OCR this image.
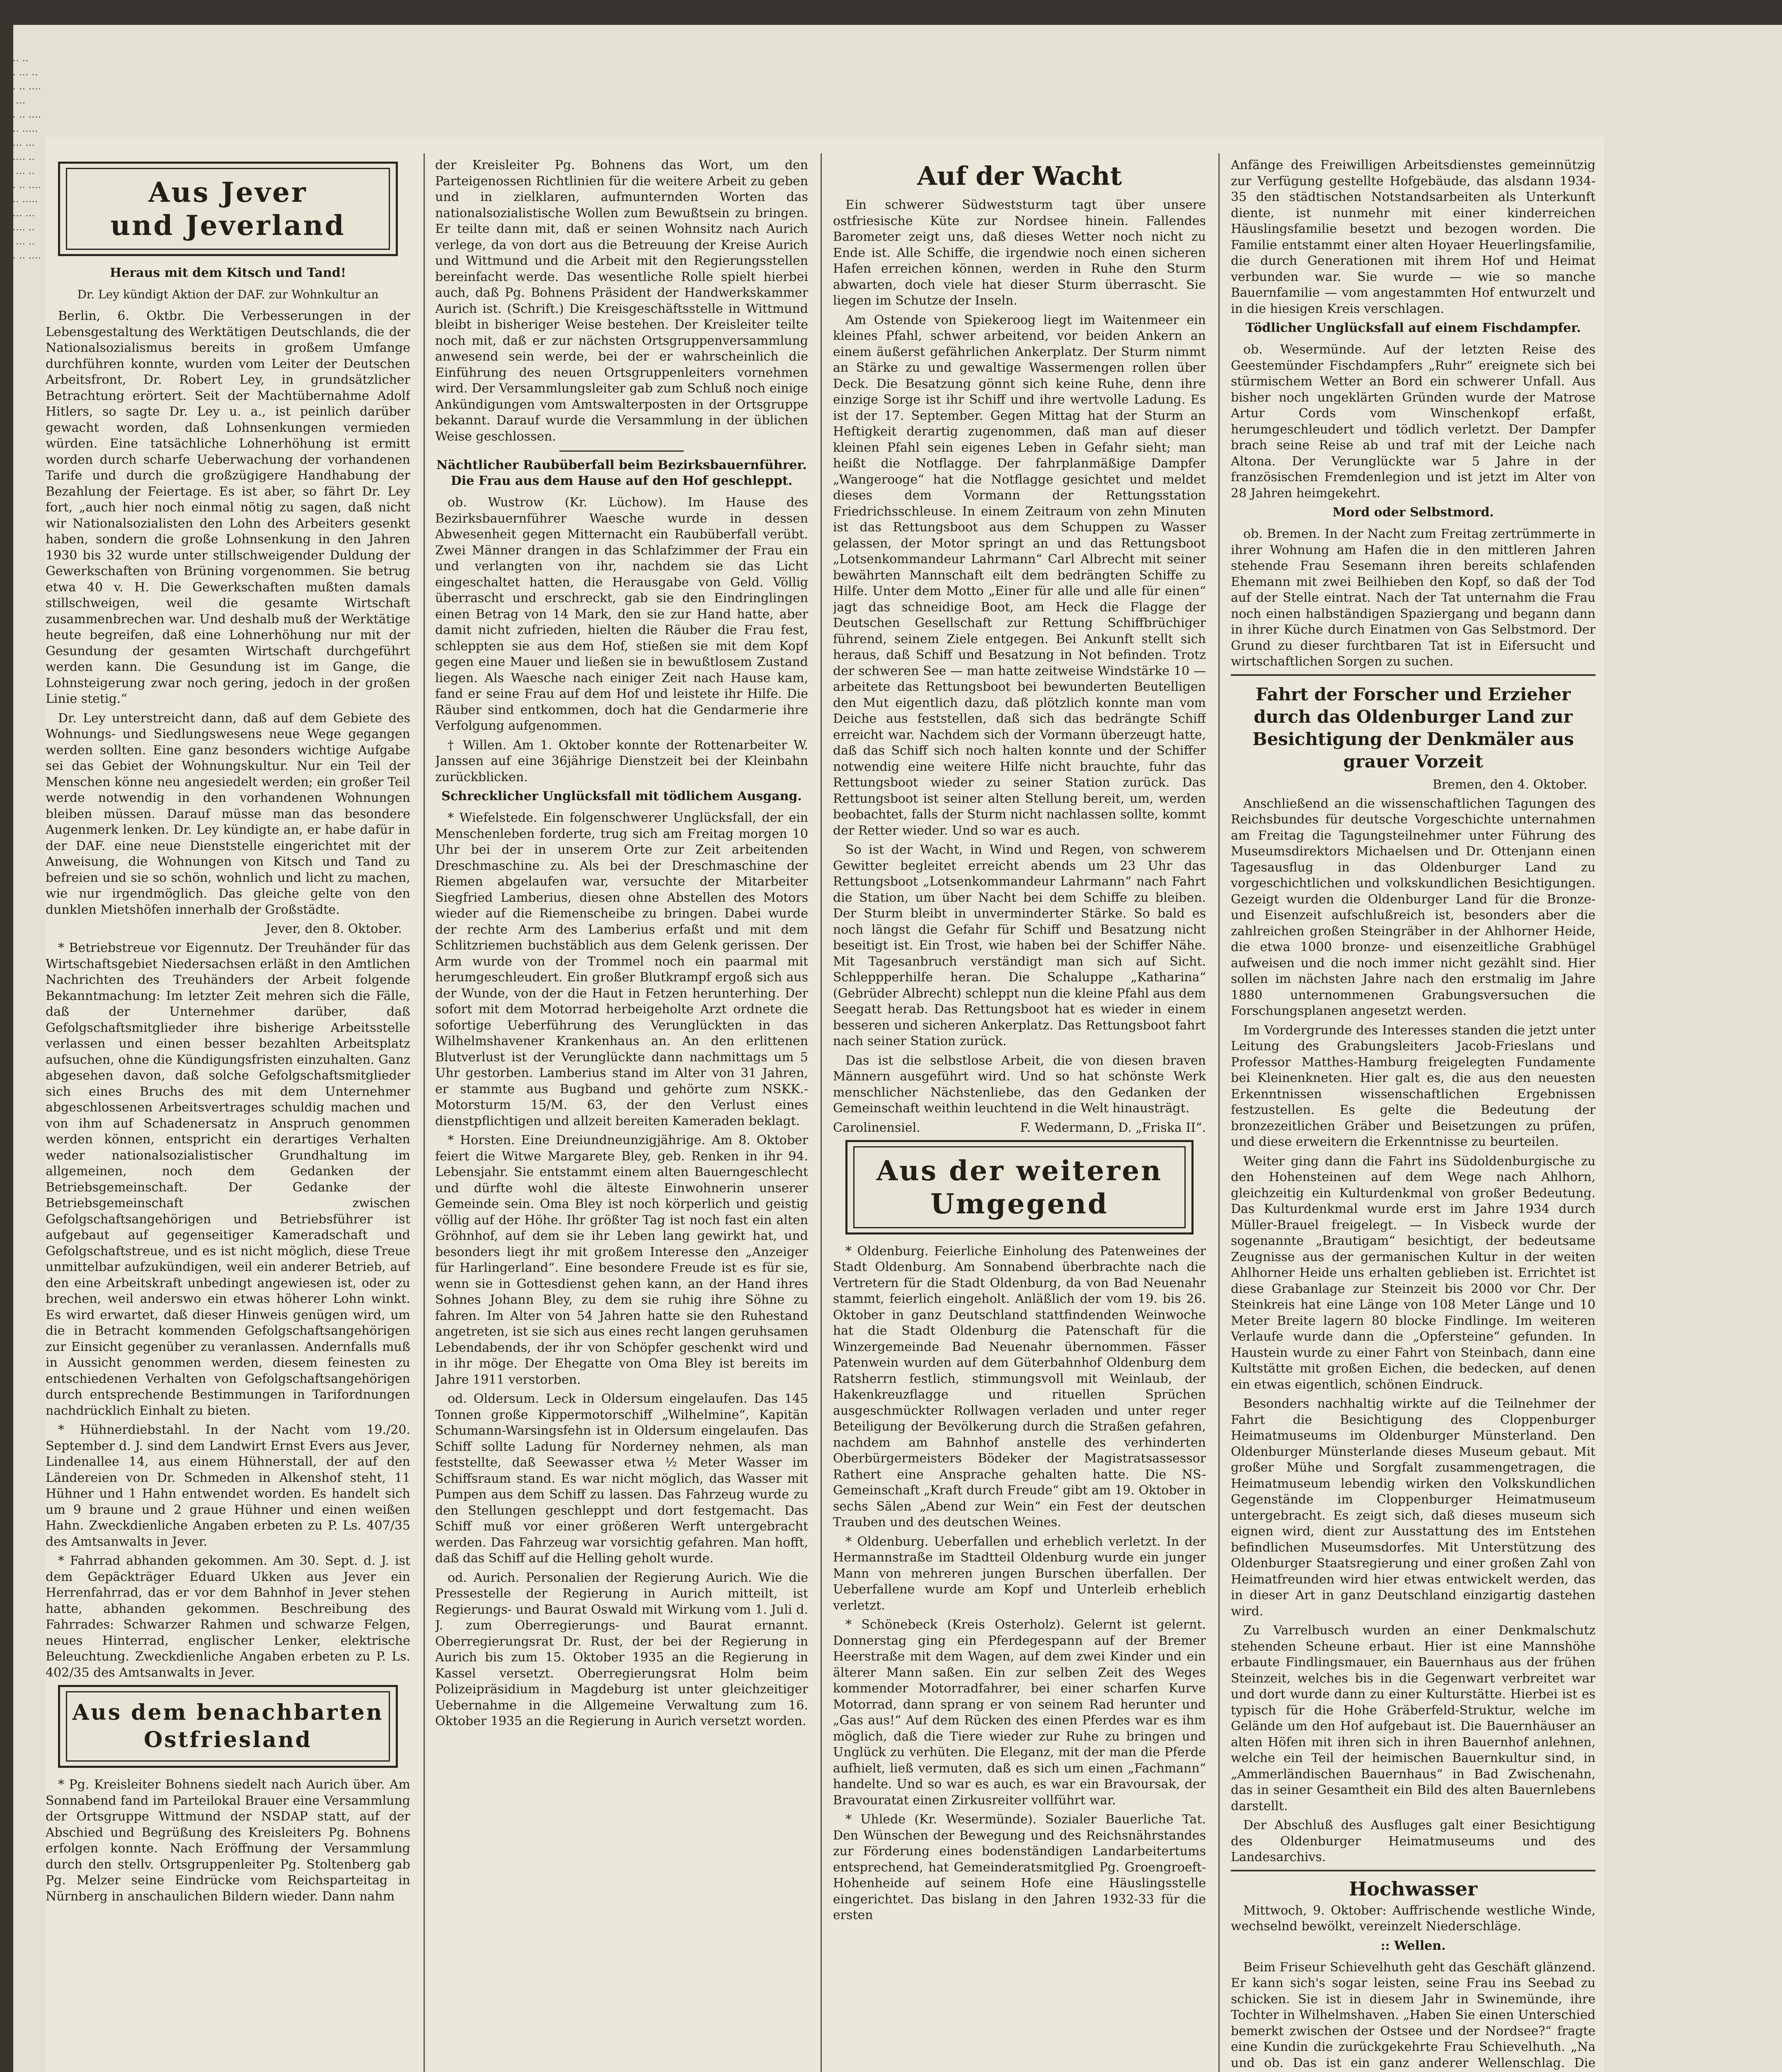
······ ·· ····· ··· ·· ····· ·· ···· ···· ··· ····· ·· ···· ··· ·· ····· ·· ···· ··· ·· ····· ·· ···· ··· ·· ····· ·· ···· ··· ·· ····· ·· ···· ··· ·· ····· ·· ···· ··· ·· ····· ·· ···· ···
Aus Jever
und Jeverland
Heraus mit dem Kitsch und Tand!
Dr. Ley kündigt Aktion der DAF. zur Wohnkultur an

Berlin, 6. Oktbr. Die Verbesserungen in der Lebensgestaltung des Werktätigen Deutschlands, die der Nationalsozialismus bereits in großem Umfange durchführen konnte, wurden vom Leiter der Deutschen Arbeitsfront, Dr. Robert Ley, in grundsätzlicher Betrachtung erörtert. Seit der Machtübernahme Adolf Hitlers, so sagte Dr. Ley u. a., ist peinlich darüber gewacht worden, daß Lohnsenkungen vermieden würden. Eine tatsächliche Lohnerhöhung ist ermitt worden durch scharfe Ueberwachung der vorhandenen Tarife und durch die großzügigere Handhabung der Bezahlung der Feiertage. Es ist aber, so fährt Dr. Ley fort, „auch hier noch einmal nötig zu sagen, daß nicht wir Nationalsozialisten den Lohn des Arbeiters gesenkt haben, sondern die große Lohnsenkung in den Jahren 1930 bis 32 wurde unter stillschweigender Duldung der Gewerkschaften von Brüning vorgenommen. Sie betrug etwa 40 v. H. Die Gewerkschaften mußten damals stillschweigen, weil die gesamte Wirtschaft zusammenbrechen war. Und deshalb muß der Werktätige heute begreifen, daß eine Lohnerhöhung nur mit der Gesundung der gesamten Wirtschaft durchgeführt werden kann. Die Gesundung ist im Gange, die Lohnsteigerung zwar noch gering, jedoch in der großen Linie stetig.“

Dr. Ley unterstreicht dann, daß auf dem Gebiete des Wohnungs- und Siedlungswesens neue Wege gegangen werden sollten. Eine ganz besonders wichtige Aufgabe sei das Gebiet der Wohnungskultur. Nur ein Teil der Menschen könne neu angesiedelt werden; ein großer Teil werde notwendig in den vorhandenen Wohnungen bleiben müssen. Darauf müsse man das besondere Augenmerk lenken. Dr. Ley kündigte an, er habe dafür in der DAF. eine neue Dienststelle eingerichtet mit der Anweisung, die Wohnungen von Kitsch und Tand zu befreien und sie so schön, wohnlich und licht zu machen, wie nur irgendmöglich. Das gleiche gelte von den dunklen Mietshöfen innerhalb der Großstädte.

Jever, den 8. Oktober.

* Betriebstreue vor Eigennutz. Der Treuhänder für das Wirtschaftsgebiet Niedersachsen erläßt in den Amtlichen Nachrichten des Treuhänders der Arbeit folgende Bekanntmachung: Im letzter Zeit mehren sich die Fälle, daß der Unternehmer darüber, daß Gefolgschaftsmitglieder ihre bisherige Arbeitsstelle verlassen und einen besser bezahlten Arbeitsplatz aufsuchen, ohne die Kündigungsfristen einzuhalten. Ganz abgesehen davon, daß solche Gefolgschaftsmitglieder sich eines Bruchs des mit dem Unternehmer abgeschlossenen Arbeitsvertrages schuldig machen und von ihm auf Schadenersatz in Anspruch genommen werden können, entspricht ein derartiges Verhalten weder nationalsozialistischer Grundhaltung im allgemeinen, noch dem Gedanken der Betriebsgemeinschaft. Der Gedanke der Betriebsgemeinschaft zwischen Gefolgschaftsangehörigen und Betriebsführer ist aufgebaut auf gegenseitiger Kameradschaft und Gefolgschaftstreue, und es ist nicht möglich, diese Treue unmittelbar aufzukündigen, weil ein anderer Betrieb, auf den eine Arbeitskraft unbedingt angewiesen ist, oder zu brechen, weil anderswo ein etwas höherer Lohn winkt. Es wird erwartet, daß dieser Hinweis genügen wird, um die in Betracht kommenden Gefolgschaftsangehörigen zur Einsicht gegenüber zu veranlassen. Andernfalls muß in Aussicht genommen werden, diesem feinesten zu entschiedenen Verhalten von Gefolgschaftsangehörigen durch entsprechende Bestimmungen in Tarifordnungen nachdrücklich Einhalt zu bieten.

* Hühnerdiebstahl. In der Nacht vom 19./20. September d. J. sind dem Landwirt Ernst Evers aus Jever, Lindenallee 14, aus einem Hühnerstall, der auf den Ländereien von Dr. Schmeden in Alkenshof steht, 11 Hühner und 1 Hahn entwendet worden. Es handelt sich um 9 braune und 2 graue Hühner und einen weißen Hahn. Zweckdienliche Angaben erbeten zu P. Ls. 407/35 des Amtsanwalts in Jever.

* Fahrrad abhanden gekommen. Am 30. Sept. d. J. ist dem Gepäckträger Eduard Ukken aus Jever ein Herrenfahrrad, das er vor dem Bahnhof in Jever stehen hatte, abhanden gekommen. Beschreibung des Fahrrades: Schwarzer Rahmen und schwarze Felgen, neues Hinterrad, englischer Lenker, elektrische Beleuchtung. Zweckdienliche Angaben erbeten zu P. Ls. 402/35 des Amtsanwalts in Jever.

Aus dem benachbarten
Ostfriesland

* Pg. Kreisleiter Bohnens siedelt nach Aurich über. Am Sonnabend fand im Parteilokal Brauer eine Versammlung der Ortsgruppe Wittmund der NSDAP statt, auf der Abschied und Begrüßung des Kreisleiters Pg. Bohnens erfolgen konnte. Nach Eröffnung der Versammlung durch den stellv. Ortsgruppenleiter Pg. Stoltenberg gab Pg. Melzer seine Eindrücke vom Reichsparteitag in Nürnberg in anschaulichen Bildern wieder. Dann nahm

der Kreisleiter Pg. Bohnens das Wort, um den Parteigenossen Richtlinien für die weitere Arbeit zu geben und in zielklaren, aufmunternden Worten das nationalsozialistische Wollen zum Bewußtsein zu bringen. Er teilte dann mit, daß er seinen Wohnsitz nach Aurich verlege, da von dort aus die Betreuung der Kreise Aurich und Wittmund und die Arbeit mit den Regierungsstellen bereinfacht werde. Das wesentliche Rolle spielt hierbei auch, daß Pg. Bohnens Präsident der Handwerkskammer Aurich ist. (Schrift.) Die Kreisgeschäftsstelle in Wittmund bleibt in bisheriger Weise bestehen. Der Kreisleiter teilte noch mit, daß er zur nächsten Ortsgruppenversammlung anwesend sein werde, bei der er wahrscheinlich die Einführung des neuen Ortsgruppenleiters vornehmen wird. Der Versammlungsleiter gab zum Schluß noch einige Ankündigungen vom Amtswalterposten in der Ortsgruppe bekannt. Darauf wurde die Versammlung in der üblichen Weise geschlossen.

Nächtlicher Raubüberfall beim Bezirksbauernführer. Die Frau aus dem Hause auf den Hof geschleppt.

ob. Wustrow (Kr. Lüchow). Im Hause des Bezirksbauernführer Waesche wurde in dessen Abwesenheit gegen Mitternacht ein Raubüberfall verübt. Zwei Männer drangen in das Schlafzimmer der Frau ein und verlangten von ihr, nachdem sie das Licht eingeschaltet hatten, die Herausgabe von Geld. Völlig überrascht und erschreckt, gab sie den Eindringlingen einen Betrag von 14 Mark, den sie zur Hand hatte, aber damit nicht zufrieden, hielten die Räuber die Frau fest, schleppten sie aus dem Hof, stießen sie mit dem Kopf gegen eine Mauer und ließen sie in bewußtlosem Zustand liegen. Als Waesche nach einiger Zeit nach Hause kam, fand er seine Frau auf dem Hof und leistete ihr Hilfe. Die Räuber sind entkommen, doch hat die Gendarmerie ihre Verfolgung aufgenommen.

† Willen. Am 1. Oktober konnte der Rottenarbeiter W. Janssen auf eine 36jährige Dienstzeit bei der Kleinbahn zurückblicken.

Schrecklicher Unglücksfall mit tödlichem Ausgang.

* Wiefelstede. Ein folgenschwerer Unglücksfall, der ein Menschenleben forderte, trug sich am Freitag morgen 10 Uhr bei der in unserem Orte zur Zeit arbeitenden Dreschmaschine zu. Als bei der Dreschmaschine der Riemen abgelaufen war, versuchte der Mitarbeiter Siegfried Lamberius, diesen ohne Abstellen des Motors wieder auf die Riemenscheibe zu bringen. Dabei wurde der rechte Arm des Lamberius erfaßt und mit dem Schlitzriemen buchstäblich aus dem Gelenk gerissen. Der Arm wurde von der Trommel noch ein paarmal mit herumgeschleudert. Ein großer Blutkrampf ergoß sich aus der Wunde, von der die Haut in Fetzen herunterhing. Der sofort mit dem Motorrad herbeigeholte Arzt ordnete die sofortige Ueberführung des Verunglückten in das Wilhelmshavener Krankenhaus an. An den erlittenen Blutverlust ist der Verunglückte dann nachmittags um 5 Uhr gestorben. Lamberius stand im Alter von 31 Jahren, er stammte aus Bugband und gehörte zum NSKK.-Motorsturm 15/M. 63, der den Verlust eines dienstpflichtigen und allzeit bereiten Kameraden beklagt.

* Horsten. Eine Dreiundneunzigjährige. Am 8. Oktober feiert die Witwe Margarete Bley, geb. Renken in ihr 94. Lebensjahr. Sie entstammt einem alten Bauerngeschlecht und dürfte wohl die älteste Einwohnerin unserer Gemeinde sein. Oma Bley ist noch körperlich und geistig völlig auf der Höhe. Ihr größter Tag ist noch fast ein alten Gröhnhof, auf dem sie ihr Leben lang gewirkt hat, und besonders liegt ihr mit großem Interesse den „Anzeiger für Harlingerland“. Eine besondere Freude ist es für sie, wenn sie in Gottesdienst gehen kann, an der Hand ihres Sohnes Johann Bley, zu dem sie ruhig ihre Söhne zu fahren. Im Alter von 54 Jahren hatte sie den Ruhestand angetreten, ist sie sich aus eines recht langen geruhsamen Lebendabends, der ihr von Schöpfer geschenkt wird und in ihr möge. Der Ehegatte von Oma Bley ist bereits im Jahre 1911 verstorben.

od. Oldersum. Leck in Oldersum eingelaufen. Das 145 Tonnen große Kippermotorschiff „Wilhelmine“, Kapitän Schumann-Warsingsfehn ist in Oldersum eingelaufen. Das Schiff sollte Ladung für Norderney nehmen, als man feststellte, daß Seewasser etwa ½ Meter Wasser im Schiffsraum stand. Es war nicht möglich, das Wasser mit Pumpen aus dem Schiff zu lassen. Das Fahrzeug wurde zu den Stellungen geschleppt und dort festgemacht. Das Schiff muß vor einer größeren Werft untergebracht werden. Das Fahrzeug war vorsichtig gefahren. Man hofft, daß das Schiff auf die Helling geholt wurde.

od. Aurich. Personalien der Regierung Aurich. Wie die Pressestelle der Regierung in Aurich mitteilt, ist Regierungs- und Baurat Oswald mit Wirkung vom 1. Juli d. J. zum Oberregierungs- und Baurat ernannt. Oberregierungsrat Dr. Rust, der bei der Regierung in Aurich bis zum 15. Oktober 1935 an die Regierung in Kassel versetzt. Oberregierungsrat Holm beim Polizeipräsidium in Magdeburg ist unter gleichzeitiger Uebernahme in die Allgemeine Verwaltung zum 16. Oktober 1935 an die Regierung in Aurich versetzt worden.

Auf der Wacht

Ein schwerer Südweststurm tagt über unsere ostfriesische Küte zur Nordsee hinein. Fallendes Barometer zeigt uns, daß dieses Wetter noch nicht zu Ende ist. Alle Schiffe, die irgendwie noch einen sicheren Hafen erreichen können, werden in Ruhe den Sturm abwarten, doch viele hat dieser Sturm überrascht. Sie liegen im Schutze der Inseln.

Am Ostende von Spiekeroog liegt im Waitenmeer ein kleines Pfahl, schwer arbeitend, vor beiden Ankern an einem äußerst gefährlichen Ankerplatz. Der Sturm nimmt an Stärke zu und gewaltige Wassermengen rollen über Deck. Die Besatzung gönnt sich keine Ruhe, denn ihre einzige Sorge ist ihr Schiff und ihre wertvolle Ladung. Es ist der 17. September. Gegen Mittag hat der Sturm an Heftigkeit derartig zugenommen, daß man auf dieser kleinen Pfahl sein eigenes Leben in Gefahr sieht; man heißt die Notflagge. Der fahrplanmäßige Dampfer „Wangerooge“ hat die Notflagge gesichtet und meldet dieses dem Vormann der Rettungsstation Friedrichsschleuse. In einem Zeitraum von zehn Minuten ist das Rettungsboot aus dem Schuppen zu Wasser gelassen, der Motor springt an und das Rettungsboot „Lotsenkommandeur Lahrmann“ Carl Albrecht mit seiner bewährten Mannschaft eilt dem bedrängten Schiffe zu Hilfe. Unter dem Motto „Einer für alle und alle für einen“ jagt das schneidige Boot, am Heck die Flagge der Deutschen Gesellschaft zur Rettung Schiffbrüchiger führend, seinem Ziele entgegen. Bei Ankunft stellt sich heraus, daß Schiff und Besatzung in Not befinden. Trotz der schweren See — man hatte zeitweise Windstärke 10 — arbeitete das Rettungsboot bei bewunderten Beutelligen den Mut eigentlich dazu, daß plötzlich konnte man vom Deiche aus feststellen, daß sich das bedrängte Schiff erreicht war. Nachdem sich der Vormann überzeugt hatte, daß das Schiff sich noch halten konnte und der Schiffer notwendig eine weitere Hilfe nicht brauchte, fuhr das Rettungsboot wieder zu seiner Station zurück. Das Rettungsboot ist seiner alten Stellung bereit, um, werden beobachtet, falls der Sturm nicht nachlassen sollte, kommt der Retter wieder. Und so war es auch.

So ist der Wacht, in Wind und Regen, von schwerem Gewitter begleitet erreicht abends um 23 Uhr das Rettungsboot „Lotsenkommandeur Lahrmann“ nach Fahrt die Station, um über Nacht bei dem Schiffe zu bleiben. Der Sturm bleibt in unverminderter Stärke. So bald es noch längst die Gefahr für Schiff und Besatzung nicht beseitigt ist. Ein Trost, wie haben bei der Schiffer Nähe. Mit Tagesanbruch verständigt man sich auf Sicht. Schleppperhilfe heran. Die Schaluppe „Katharina“ (Gebrüder Albrecht) schleppt nun die kleine Pfahl aus dem Seegatt herab. Das Rettungsboot hat es wieder in einem besseren und sicheren Ankerplatz. Das Rettungsboot fahrt nach seiner Station zurück.

Das ist die selbstlose Arbeit, die von diesen braven Männern ausgeführt wird. Und so hat schönste Werk menschlicher Nächstenliebe, das den Gedanken der Gemeinschaft weithin leuchtend in die Welt hinausträgt.

Carolinensiel.	F. Wedermann, D. „Friska II“.
Aus der weiteren
Umgegend

* Oldenburg. Feierliche Einholung des Patenweines der Stadt Oldenburg. Am Sonnabend überbrachte nach die Vertretern für die Stadt Oldenburg, da von Bad Neuenahr stammt, feierlich eingeholt. Anläßlich der vom 19. bis 26. Oktober in ganz Deutschland stattfindenden Weinwoche hat die Stadt Oldenburg die Patenschaft für die Winzergemeinde Bad Neuenahr übernommen. Fässer Patenwein wurden auf dem Güterbahnhof Oldenburg dem Ratsherrn festlich, stimmungsvoll mit Weinlaub, der Hakenkreuzflagge und rituellen Sprüchen ausgeschmückter Rollwagen verladen und unter reger Beteiligung der Bevölkerung durch die Straßen gefahren, nachdem am Bahnhof anstelle des verhinderten Oberbürgermeisters Bödeker der Magistratsassessor Rathert eine Ansprache gehalten hatte. Die NS-Gemeinschaft „Kraft durch Freude“ gibt am 19. Oktober in sechs Sälen „Abend zur Wein“ ein Fest der deutschen Trauben und des deutschen Weines.

* Oldenburg. Ueberfallen und erheblich verletzt. In der Hermannstraße im Stadtteil Oldenburg wurde ein junger Mann von mehreren jungen Burschen überfallen. Der Ueberfallene wurde am Kopf und Unterleib erheblich verletzt.

* Schönebeck (Kreis Osterholz). Gelernt ist gelernt. Donnerstag ging ein Pferdegespann auf der Bremer Heerstraße mit dem Wagen, auf dem zwei Kinder und ein älterer Mann saßen. Ein zur selben Zeit des Weges kommender Motorradfahrer, bei einer scharfen Kurve Motorrad, dann sprang er von seinem Rad herunter und „Gas aus!“ Auf dem Rücken des einen Pferdes war es ihm möglich, daß die Tiere wieder zur Ruhe zu bringen und Unglück zu verhüten. Die Eleganz, mit der man die Pferde aufhielt, ließ vermuten, daß es sich um einen „Fachmann“ handelte. Und so war es auch, es war ein Bravoursak, der Bravouratat einen Zirkusreiter vollführt war.

* Uhlede (Kr. Wesermünde). Sozialer Bauerliche Tat. Den Wünschen der Bewegung und des Reichsnährstandes zur Förderung eines bodenständigen Landarbeitertums entsprechend, hat Gemeinderatsmitglied Pg. Groengroeft-Hohenheide auf seinem Hofe eine Häuslingsstelle eingerichtet. Das bislang in den Jahren 1932-33 für die ersten

Anfänge des Freiwilligen Arbeitsdienstes gemeinnützig zur Verfügung gestellte Hofgebäude, das alsdann 1934-35 den städtischen Notstandsarbeiten als Unterkunft diente, ist nunmehr mit einer kinderreichen Häuslingsfamilie besetzt und bezogen worden. Die Familie entstammt einer alten Hoyaer Heuerlingsfamilie, die durch Generationen mit ihrem Hof und Heimat verbunden war. Sie wurde — wie so manche Bauernfamilie — vom angestammten Hof entwurzelt und in die hiesigen Kreis verschlagen.

Tödlicher Unglücksfall auf einem Fischdampfer.

ob. Wesermünde. Auf der letzten Reise des Geestemünder Fischdampfers „Ruhr“ ereignete sich bei stürmischem Wetter an Bord ein schwerer Unfall. Aus bisher noch ungeklärten Gründen wurde der Matrose Artur Cords vom Winschenkopf erfaßt, herumgeschleudert und tödlich verletzt. Der Dampfer brach seine Reise ab und traf mit der Leiche nach Altona. Der Verunglückte war 5 Jahre in der französischen Fremdenlegion und ist jetzt im Alter von 28 Jahren heimgekehrt.

Mord oder Selbstmord.

ob. Bremen. In der Nacht zum Freitag zertrümmerte in ihrer Wohnung am Hafen die in den mittleren Jahren stehende Frau Sesemann ihren bereits schlafenden Ehemann mit zwei Beilhieben den Kopf, so daß der Tod auf der Stelle eintrat. Nach der Tat unternahm die Frau noch einen halbständigen Spaziergang und begann dann in ihrer Küche durch Einatmen von Gas Selbstmord. Der Grund zu dieser furchtbaren Tat ist in Eifersucht und wirtschaftlichen Sorgen zu suchen.

Fahrt der Forscher und Erzieher durch das Oldenburger Land zur Besichtigung der Denkmäler aus grauer Vorzeit
Bremen, den 4. Oktober.

Anschließend an die wissenschaftlichen Tagungen des Reichsbundes für deutsche Vorgeschichte unternahmen am Freitag die Tagungsteilnehmer unter Führung des Museumsdirektors Michaelsen und Dr. Ottenjann einen Tagesausflug in das Oldenburger Land zu vorgeschichtlichen und volkskundlichen Besichtigungen. Gezeigt wurden die Oldenburger Land für die Bronze- und Eisenzeit aufschlußreich ist, besonders aber die zahlreichen großen Steingräber in der Ahlhorner Heide, die etwa 1000 bronze- und eisenzeitliche Grabhügel aufweisen und die noch immer nicht gezählt sind. Hier sollen im nächsten Jahre nach den erstmalig im Jahre 1880 unternommenen Grabungsversuchen die Forschungsplanen angesetzt werden.

Im Vordergrunde des Interesses standen die jetzt unter Leitung des Grabungsleiters Jacob-Frieslans und Professor Matthes-Hamburg freigelegten Fundamente bei Kleinenkneten. Hier galt es, die aus den neuesten Erkenntnissen wissenschaftlichen Ergebnissen festzustellen. Es gelte die Bedeutung der bronzezeitlichen Gräber und Beisetzungen zu prüfen, und diese erweitern die Erkenntnisse zu beurteilen.

Weiter ging dann die Fahrt ins Südoldenburgische zu den Hohensteinen auf dem Wege nach Ahlhorn, gleichzeitig ein Kulturdenkmal von großer Bedeutung. Das Kulturdenkmal wurde erst im Jahre 1934 durch Müller-Brauel freigelegt. — In Visbeck wurde der sogenannte „Brautigam“ besichtigt, der bedeutsame Zeugnisse aus der germanischen Kultur in der weiten Ahlhorner Heide uns erhalten geblieben ist. Errichtet ist diese Grabanlage zur Steinzeit bis 2000 vor Chr. Der Steinkreis hat eine Länge von 108 Meter Länge und 10 Meter Breite lagern 80 blocke Findlinge. Im weiteren Verlaufe wurde dann die „Opfersteine“ gefunden. In Haustein wurde zu einer Fahrt von Steinbach, dann eine Kultstätte mit großen Eichen, die bedecken, auf denen ein etwas eigentlich, schönen Eindruck.

Besonders nachhaltig wirkte auf die Teilnehmer der Fahrt die Besichtigung des Cloppenburger Heimatmuseums im Oldenburger Münsterland. Den Oldenburger Münsterlande dieses Museum gebaut. Mit großer Mühe und Sorgfalt zusammengetragen, die Heimatmuseum lebendig wirken den Volkskundlichen Gegenstände im Cloppenburger Heimatmuseum untergebracht. Es zeigt sich, daß dieses museum sich eignen wird, dient zur Ausstattung des im Entstehen befindlichen Museumsdorfes. Mit Unterstützung des Oldenburger Staatsregierung und einer großen Zahl von Heimatfreunden wird hier etwas entwickelt werden, das in dieser Art in ganz Deutschland einzigartig dastehen wird.

Zu Varrelbusch wurden an einer Denkmalschutz stehenden Scheune erbaut. Hier ist eine Mannshöhe erbaute Findlingsmauer, ein Bauernhaus aus der frühen Steinzeit, welches bis in die Gegenwart verbreitet war und dort wurde dann zu einer Kulturstätte. Hierbei ist es typisch für die Hohe Gräberfeld-Struktur, welche im Gelände um den Hof aufgebaut ist. Die Bauernhäuser an alten Höfen mit ihren sich in ihren Bauernhof anlehnen, welche ein Teil der heimischen Bauernkultur sind, in „Ammerländischen Bauernhaus“ in Bad Zwischenahn, das in seiner Gesamtheit ein Bild des alten Bauernlebens darstellt.

Der Abschluß des Ausfluges galt einer Besichtigung des Oldenburger Heimatmuseums und des Landesarchivs.

Hochwasser

Mittwoch, 9. Oktober: Auffrischende westliche Winde, wechselnd bewölkt, vereinzelt Niederschläge.

:: Wellen.

Beim Friseur Schievelhuth geht das Geschäft glänzend. Er kann sich's sogar leisten, seine Frau ins Seebad zu schicken. Sie ist in diesem Jahr in Swinemünde, ihre Tochter in Wilhelmshaven. „Haben Sie einen Unterschied bemerkt zwischen der Ostsee und der Nordsee?“ fragte eine Kundin die zurückgekehrte Frau Schievelhuth. „Na und ob. Das ist ein ganz anderer Wellenschlag. Die
